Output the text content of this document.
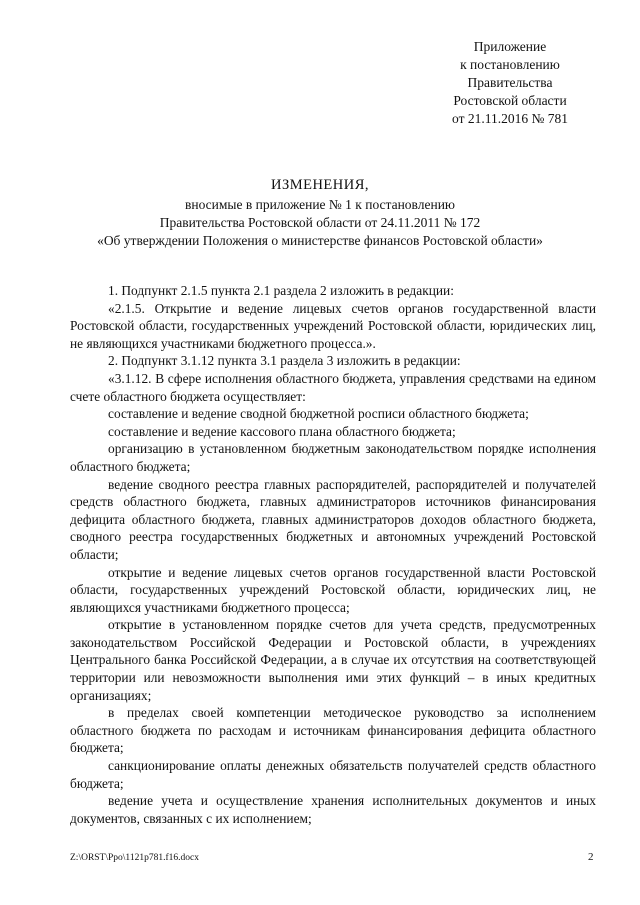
Приложение
к постановлению
Правительства
Ростовской области
от 21.11.2016 № 781
ИЗМЕНЕНИЯ,
вносимые в приложение № 1 к постановлению
Правительства Ростовской области от 24.11.2011 № 172
«Об утверждении Положения о министерстве финансов Ростовской области»

1. Подпункт 2.1.5 пункта 2.1 раздела 2 изложить в редакции:

«2.1.5. Открытие и ведение лицевых счетов органов государственной власти Ростовской области, государственных учреждений Ростовской области, юридических лиц, не являющихся участниками бюджетного процесса.».

2. Подпункт 3.1.12 пункта 3.1 раздела 3 изложить в редакции:

«3.1.12. В сфере исполнения областного бюджета, управления средствами на едином счете областного бюджета осуществляет:

составление и ведение сводной бюджетной росписи областного бюджета;

составление и ведение кассового плана областного бюджета;

организацию в установленном бюджетным законодательством порядке исполнения областного бюджета;

ведение сводного реестра главных распорядителей, распорядителей и получателей средств областного бюджета, главных администраторов источников финансирования дефицита областного бюджета, главных администраторов доходов областного бюджета, сводного реестра государственных бюджетных и автономных учреждений Ростовской области;

открытие и ведение лицевых счетов органов государственной власти Ростовской области, государственных учреждений Ростовской области, юридических лиц, не являющихся участниками бюджетного процесса;

открытие в установленном порядке счетов для учета средств, предусмотренных законодательством Российской Федерации и Ростовской области, в учреждениях Центрального банка Российской Федерации, а в случае их отсутствия на соответствующей территории или невозможности выполнения ими этих функций – в иных кредитных организациях;

в пределах своей компетенции методическое руководство за исполнением областного бюджета по расходам и источникам финансирования дефицита областного бюджета;

санкционирование оплаты денежных обязательств получателей средств областного бюджета;

ведение учета и осуществление хранения исполнительных документов и иных документов, связанных с их исполнением;

Z:\ORST\Ppo\1121p781.f16.docx	2
